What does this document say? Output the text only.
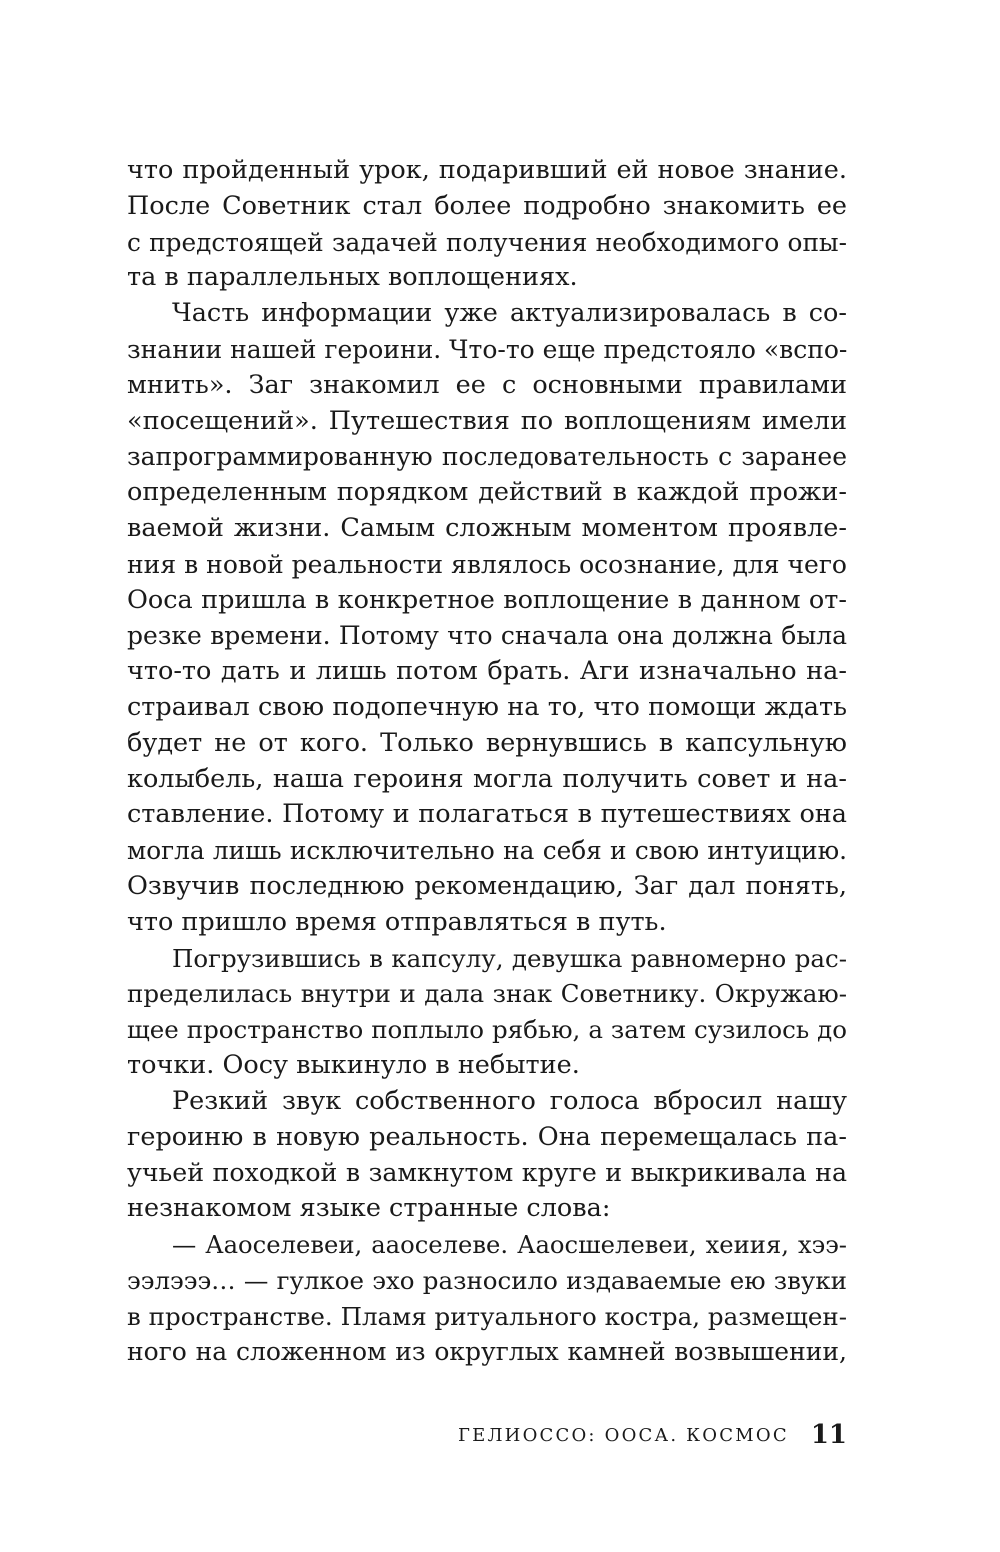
что пройденный урок, подаривший ей новое знание.
После Советник стал более подробно знакомить ее
с предстоящей задачей получения необходимого опы-
та в параллельных воплощениях.
Часть информации уже актуализировалась в со-
знании нашей героини. Что-то еще предстояло «вспо-
мнить». Заг знакомил ее с основными правилами
«посещений». Путешествия по воплощениям имели
запрограммированную последовательность с заранее
определенным порядком действий в каждой прожи-
ваемой жизни. Самым сложным моментом проявле-
ния в новой реальности являлось осознание, для чего
Ооса пришла в конкретное воплощение в данном от-
резке времени. Потому что сначала она должна была
что-то дать и лишь потом брать. Аги изначально на-
страивал свою подопечную на то, что помощи ждать
будет не от кого. Только вернувшись в капсульную
колыбель, наша героиня могла получить совет и на-
ставление. Потому и полагаться в путешествиях она
могла лишь исключительно на себя и свою интуицию.
Озвучив последнюю рекомендацию, Заг дал понять,
что пришло время отправляться в путь.
Погрузившись в капсулу, девушка равномерно рас-
пределилась внутри и дала знак Советнику. Окружаю-
щее пространство поплыло рябью, а затем сузилось до
точки. Оосу выкинуло в небытие.
Резкий звук собственного голоса вбросил нашу
героиню в новую реальность. Она перемещалась па-
учьей походкой в замкнутом круге и выкрикивала на
незнакомом языке странные слова:
— Ааоселевеи, ааоселеве. Ааосшелевеи, хеиия, хээ-
ээлэээ… — гулкое эхо разносило издаваемые ею звуки
в пространстве. Пламя ритуального костра, размещен-
ного на сложенном из округлых камней возвышении,
ГЕЛИОССО: ООСА. КОСМОС 11
